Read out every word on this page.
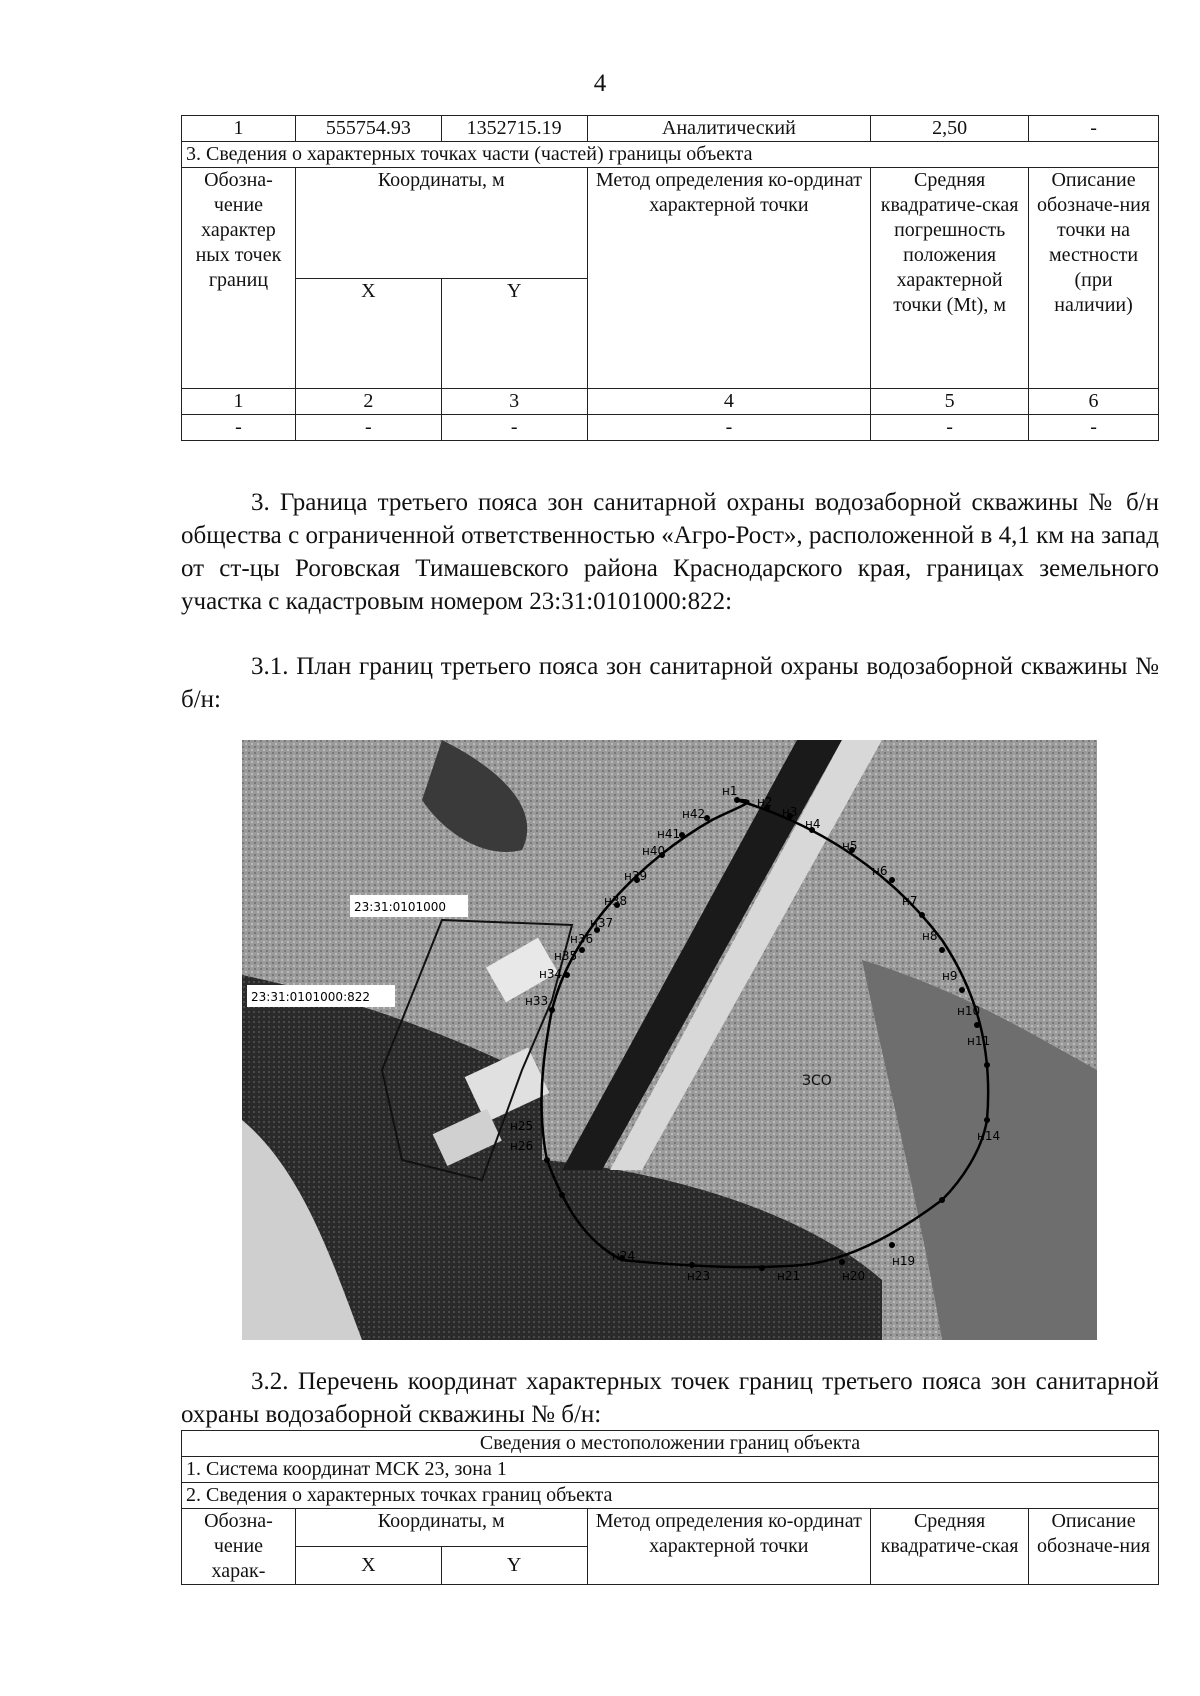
4
1	555754.93	1352715.19	Аналитический	2,50	-
3. Сведения о характерных точках части (частей) границы объекта					
Обозна-чение характер ных точек границ	Координаты, м		Метод определения ко-ординат характерной точки	Средняя квадратиче-ская погрешность положения характерной точки (Mt), м	Описание обозначе-ния точки на местности (при наличии)
	X	Y			
1	2	3	4	5	6
-	-	-	-	-	-
3. Граница третьего пояса зон санитарной охраны водозаборной скважины № б/н общества с ограниченной ответственностью «Агро-Рост», расположенной в 4,1 км на запад от ст-цы Роговская Тимашевского района Краснодарского края, границах земельного участка с кадастровым номером 23:31:0101000:822:
3.1. План границ третьего пояса зон санитарной охраны водозаборной скважины № б/н:
н1
н2
н3
н4
н5
н6
н7
н8
н9
н10
н11
н14
н19
н20
н21
н23
н24
н25
н26
н33
н34
н35
н36
н37
н38
н39
н40
н41
н42
23:31:0101000
23:31:0101000:822
ЗСО
3.2. Перечень координат характерных точек границ третьего пояса зон санитарной охраны водозаборной скважины № б/н:
Сведения о местоположении границ объекта					
1. Система координат МСК 23, зона 1					
2. Сведения о характерных точках границ объекта					
Обозна-чение харак-	Координаты, м		Метод определения ко-ординат характерной точки	Средняя квадратиче-ская	Описание обозначе-ния
	X	Y			
